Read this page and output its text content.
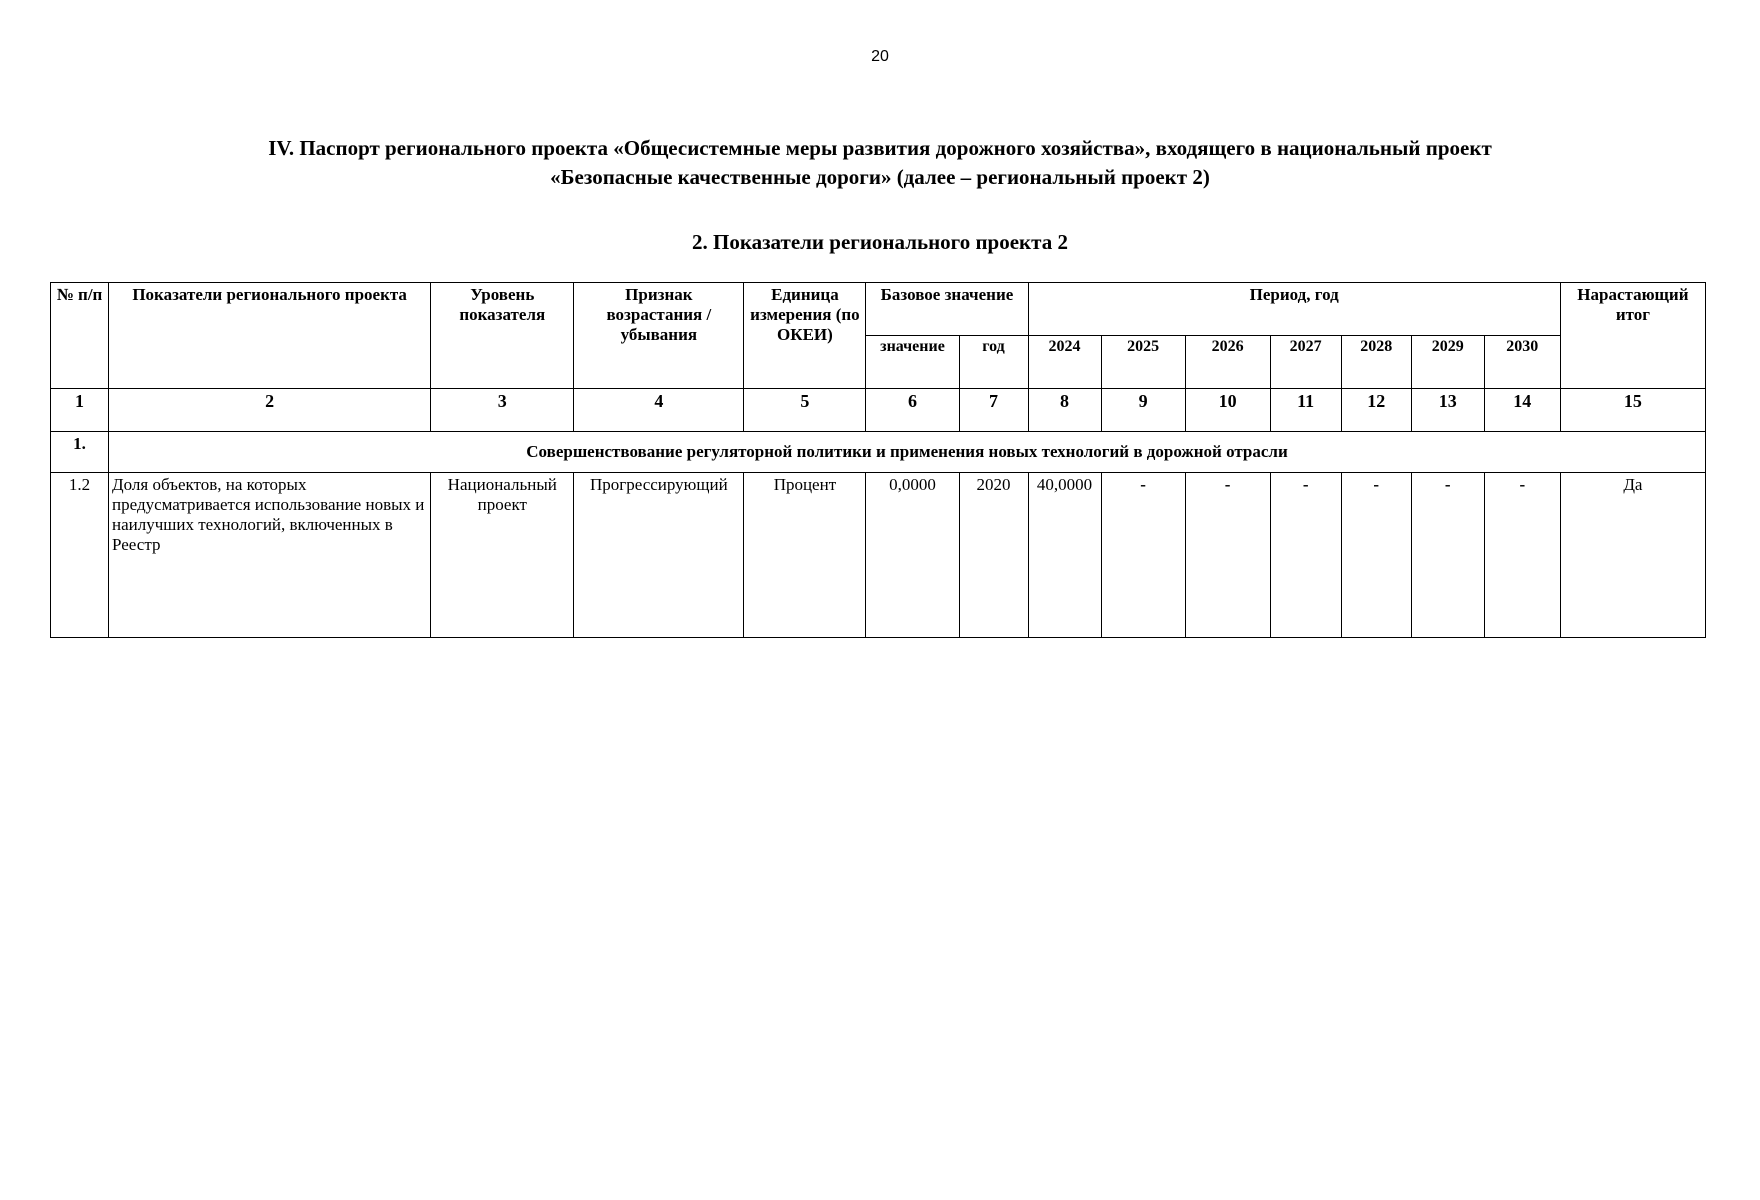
20
IV. Паспорт регионального проекта «Общесистемные меры развития дорожного хозяйства», входящего в национальный проект
«Безопасные качественные дороги» (далее – региональный проект 2)
2. Показатели регионального проекта 2
№ п/п	Показатели регионального проекта	Уровень показателя	Признак возрастания / убывания	Единица измерения (по ОКЕИ)	Базовое значение		Период, год							Нарастающий итог
					значение	год	2024	2025	2026	2027	2028	2029	2030	
1	2	3	4	5	6	7	8	9	10	11	12	13	14	15
1.	Совершенствование регуляторной политики и применения новых технологий в дорожной отрасли													
1.2	Доля объектов, на которых предусматривается использование новых и наилучших технологий, включенных в Реестр	Национальный проект	Прогрессирующий	Процент	0,0000	2020	40,0000	-	-	-	-	-	-	Да
